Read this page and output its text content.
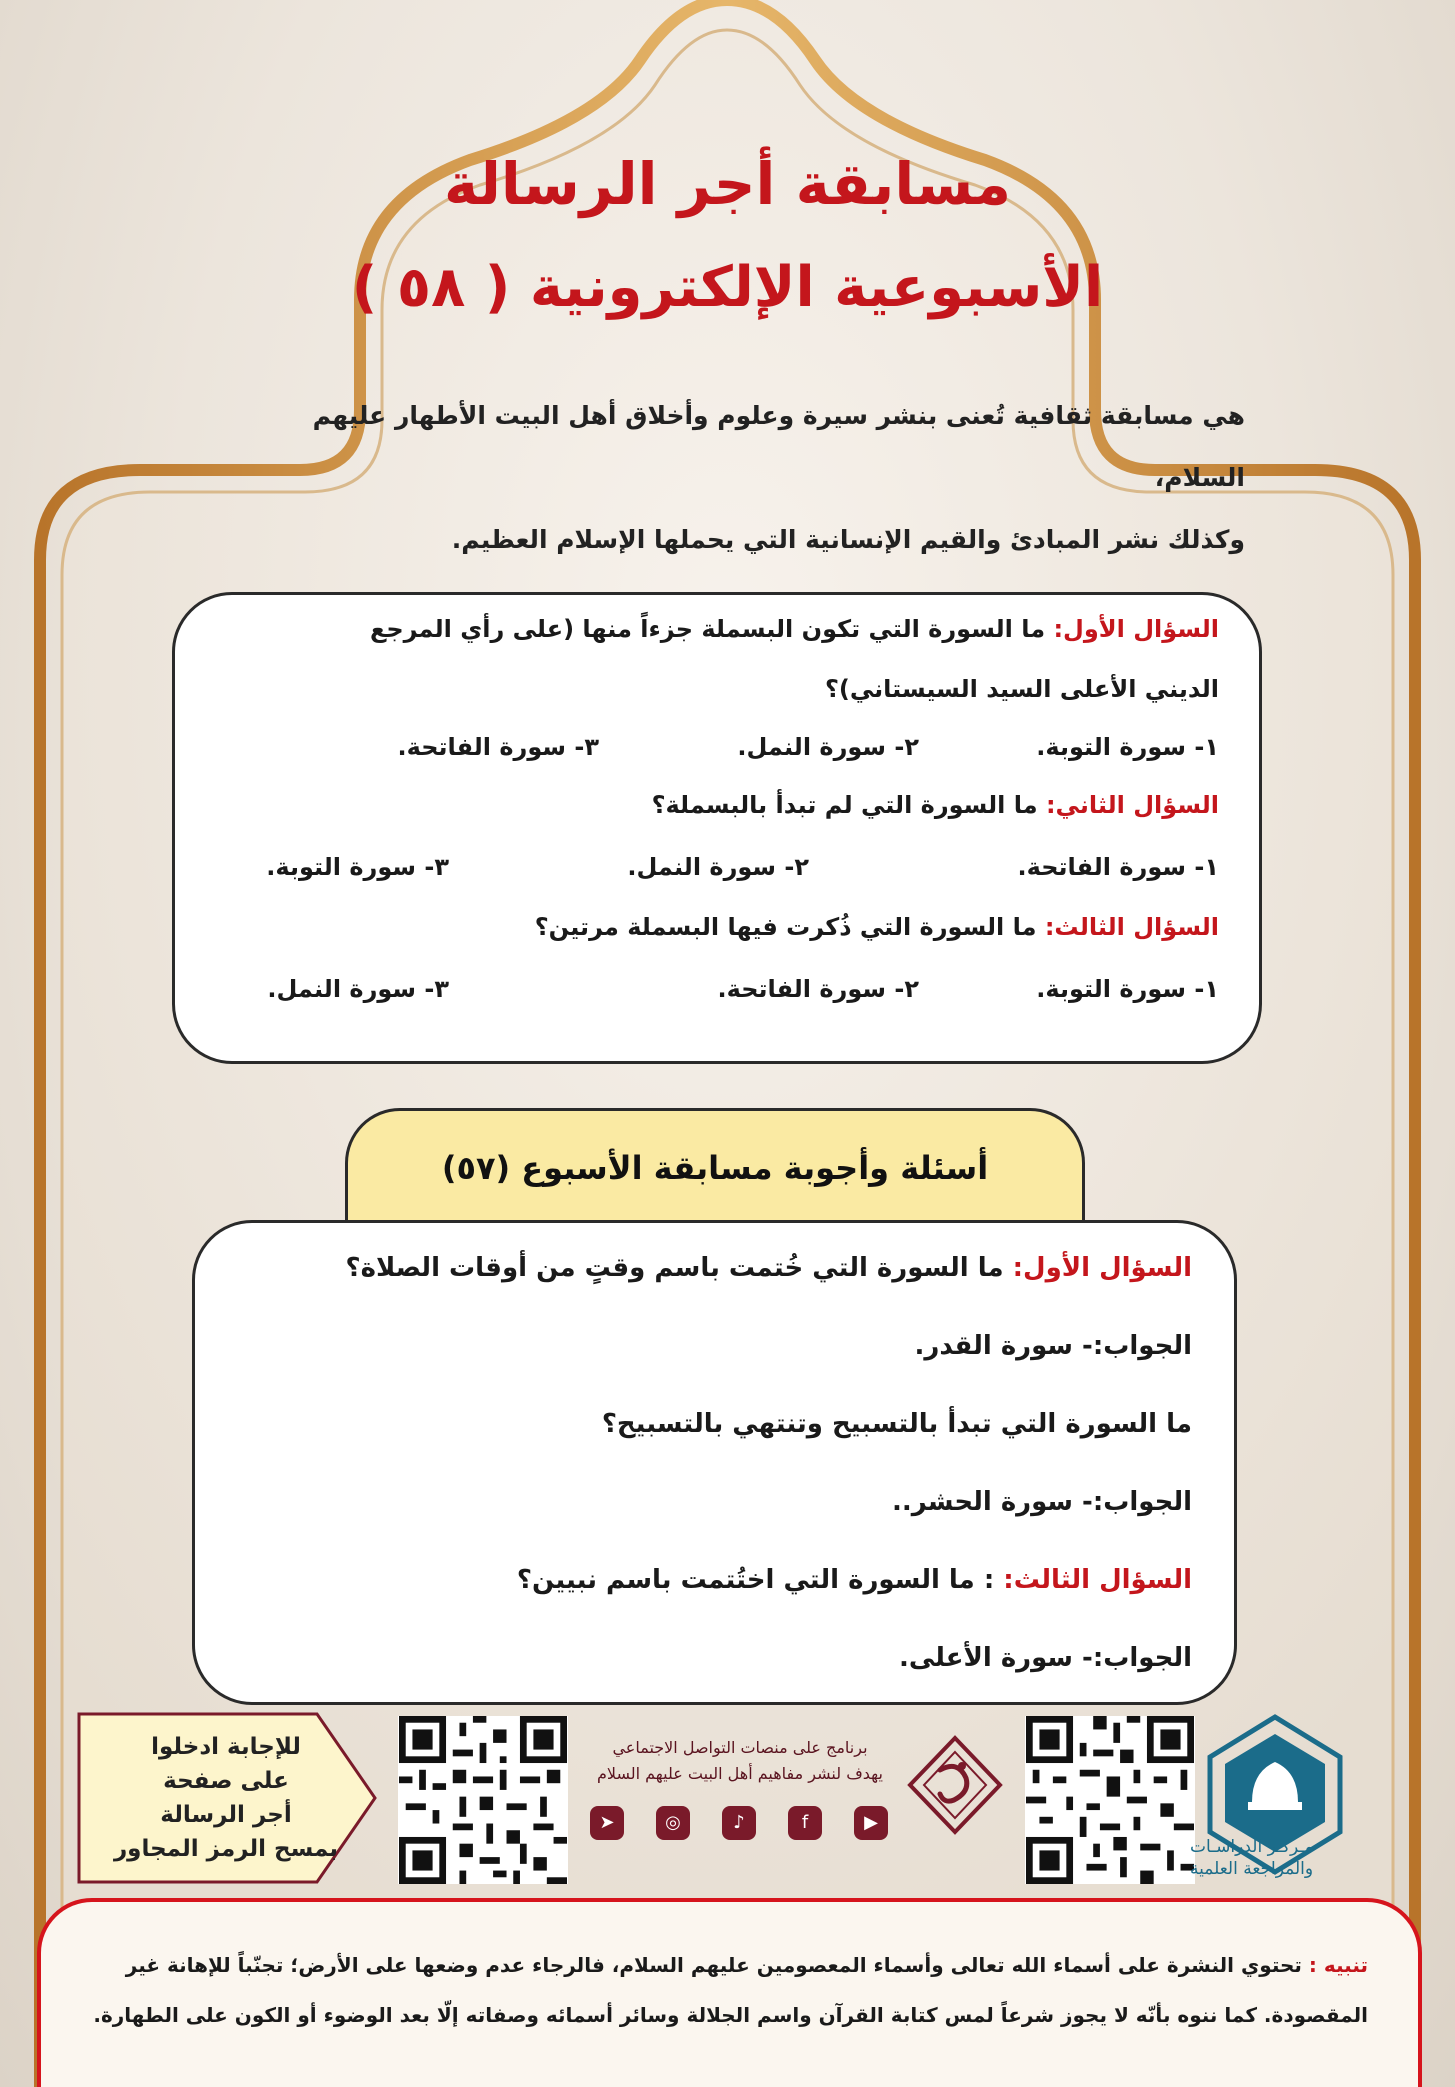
مسابقة أجر الرسالة
الأسبوعية الإلكترونية ( ٥٨ )
هي مسابقة ثقافية تُعنى بنشر سيرة وعلوم وأخلاق أهل البيت الأطهار عليهم السلام،
وكذلك نشر المبادئ والقيم الإنسانية التي يحملها الإسلام العظيم.
السؤال الأول: ما السورة التي تكون البسملة جزءاً منها (على رأي المرجع
الديني الأعلى السيد السيستاني)؟
١- سورة التوبة.
٢- سورة النمل.
٣- سورة الفاتحة.
السؤال الثاني: ما السورة التي لم تبدأ بالبسملة؟
١- سورة الفاتحة.
٢- سورة النمل.
٣- سورة التوبة.
السؤال الثالث: ما السورة التي ذُكرت فيها البسملة مرتين؟
١- سورة التوبة.
٢- سورة الفاتحة.
٣- سورة النمل.
أسئلة وأجوبة مسابقة الأسبوع (٥٧)
السؤال الأول: ما السورة التي خُتمت باسم وقتٍ من أوقات الصلاة؟
الجواب:- سورة القدر.
ما السورة التي تبدأ بالتسبيح وتنتهي بالتسبيح؟
الجواب:- سورة الحشر..
السؤال الثالث: : ما السورة التي اختُتمت باسم نبيين؟
الجواب:- سورة الأعلى.
للإجابة ادخلوا
على صفحة
أجر الرسالة
بمسح الرمز المجاور
برنامج على منصات التواصل الاجتماعي
يهدف لنشر مفاهيم أهل البيت عليهم السلام
➤	◎	♪	f	▶
مـركـز الدراسـات
والمراجعة العلمية
تنبيه : تحتوي النشرة على أسماء الله تعالى وأسماء المعصومين عليهم السلام، فالرجاء عدم وضعها على الأرض؛ تجنّباً للإهانة غير
المقصودة. كما ننوه بأنّه لا يجوز شرعاً لمس كتابة القرآن واسم الجلالة وسائر أسمائه وصفاته إلّا بعد الوضوء أو الكون على الطهارة.
